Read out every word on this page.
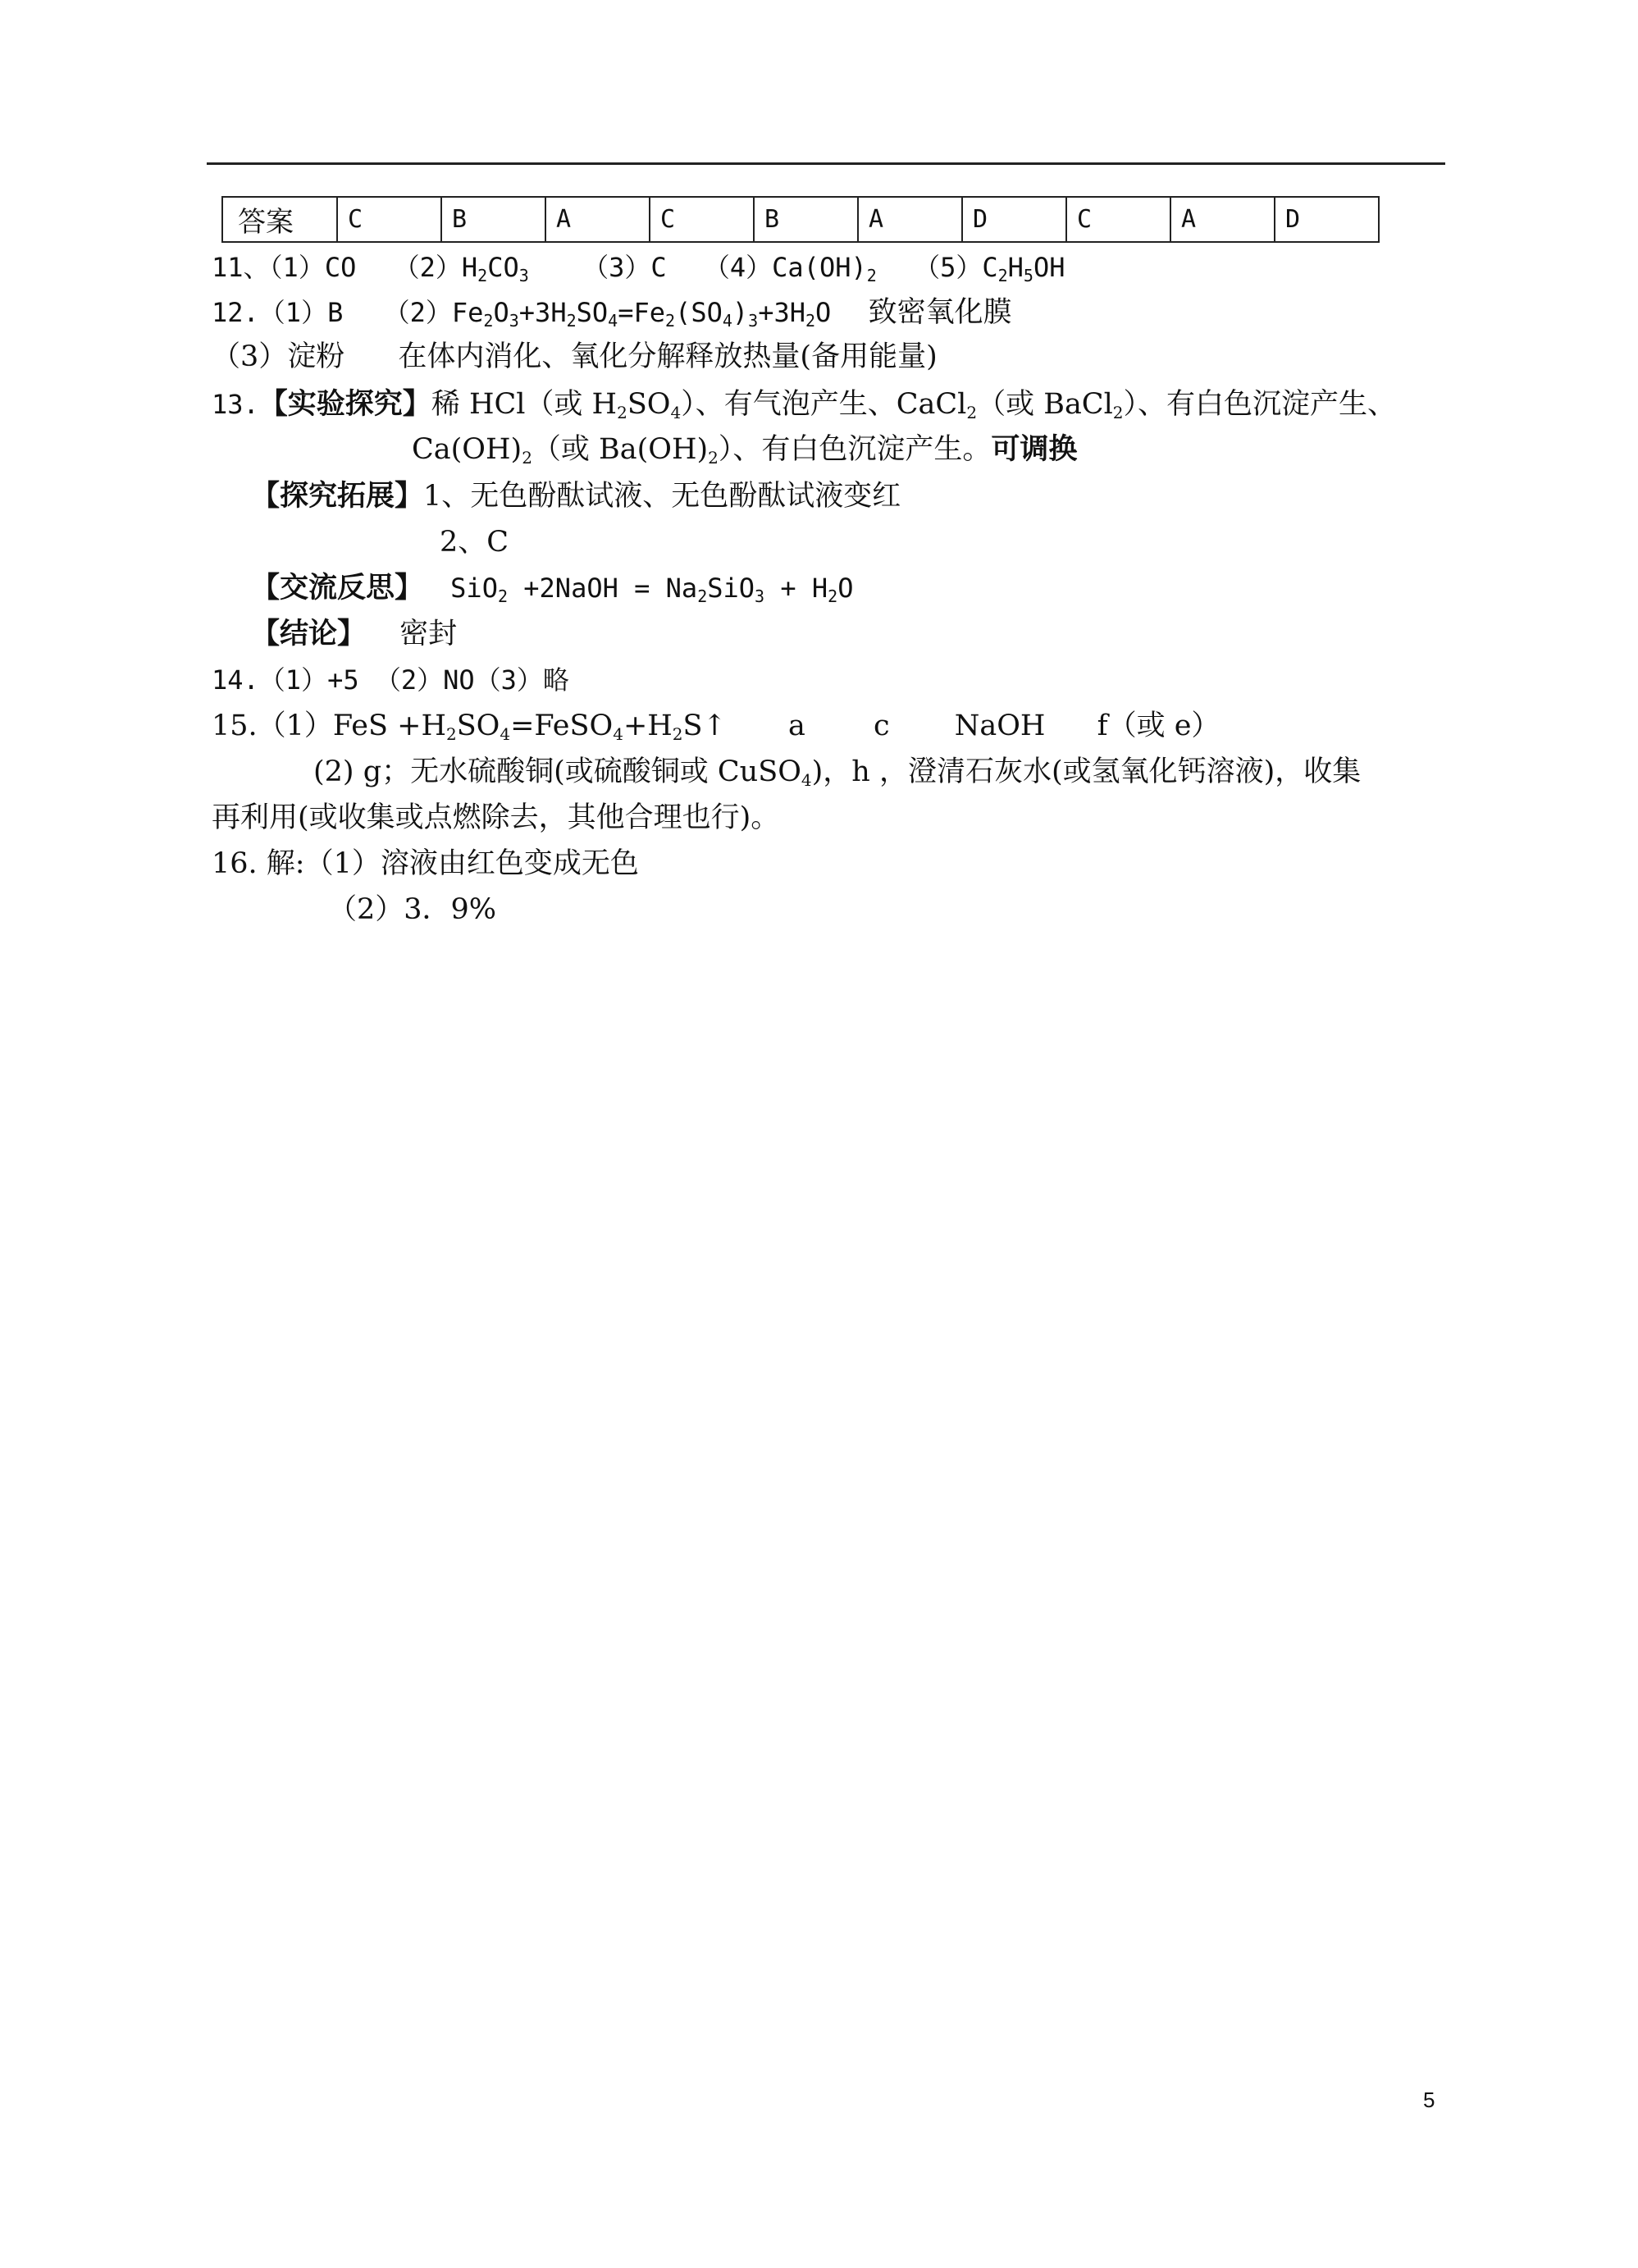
答案	C	B	A	C	B	A	D	C	A	D
11、（1）CO $(2)H_2CO_3$ （3）C $(4)Ca(OH)_2$ $(5)C_2H_5OH$
12.（1）B $(2)Fe_2O_3+3H_2SO_4=Fe_2(SO_4)_3+3H_2O$ 致密氧化膜
（3）淀粉 在体内消化、氧化分解释放热量(备用能量)
13.【实验探究】稀 HCl（或 $H_2SO_4$）、有气泡产生、CaCl$_2$（或 BaCl$_2$）、有白色沉淀产生、
$Ca(OH)_2$（或 $Ba(OH)_2$）、有白色沉淀产生。可调换
【探究拓展】1、无色酚酞试液、无色酚酞试液变红
2、C
【交流反思】 SiO$_2$ +2NaOH = $Na_2SiO_3 + H_2O$
【结论】 密封
14.（1）+5 （2）NO（3）略
$15.(1)FeS +H_2SO_4=FeSO_4+H_2S↑$ a c NaOH f（或 e）
(2) g；无水硫酸铜(或硫酸铜或 CuSO$_4$)，h ，澄清石灰水(或氢氧化钙溶液)，收集
再利用(或收集或点燃除去，其他合理也行)。
16. 解:（1）溶液由红色变成无色
（2）3．9%
5
